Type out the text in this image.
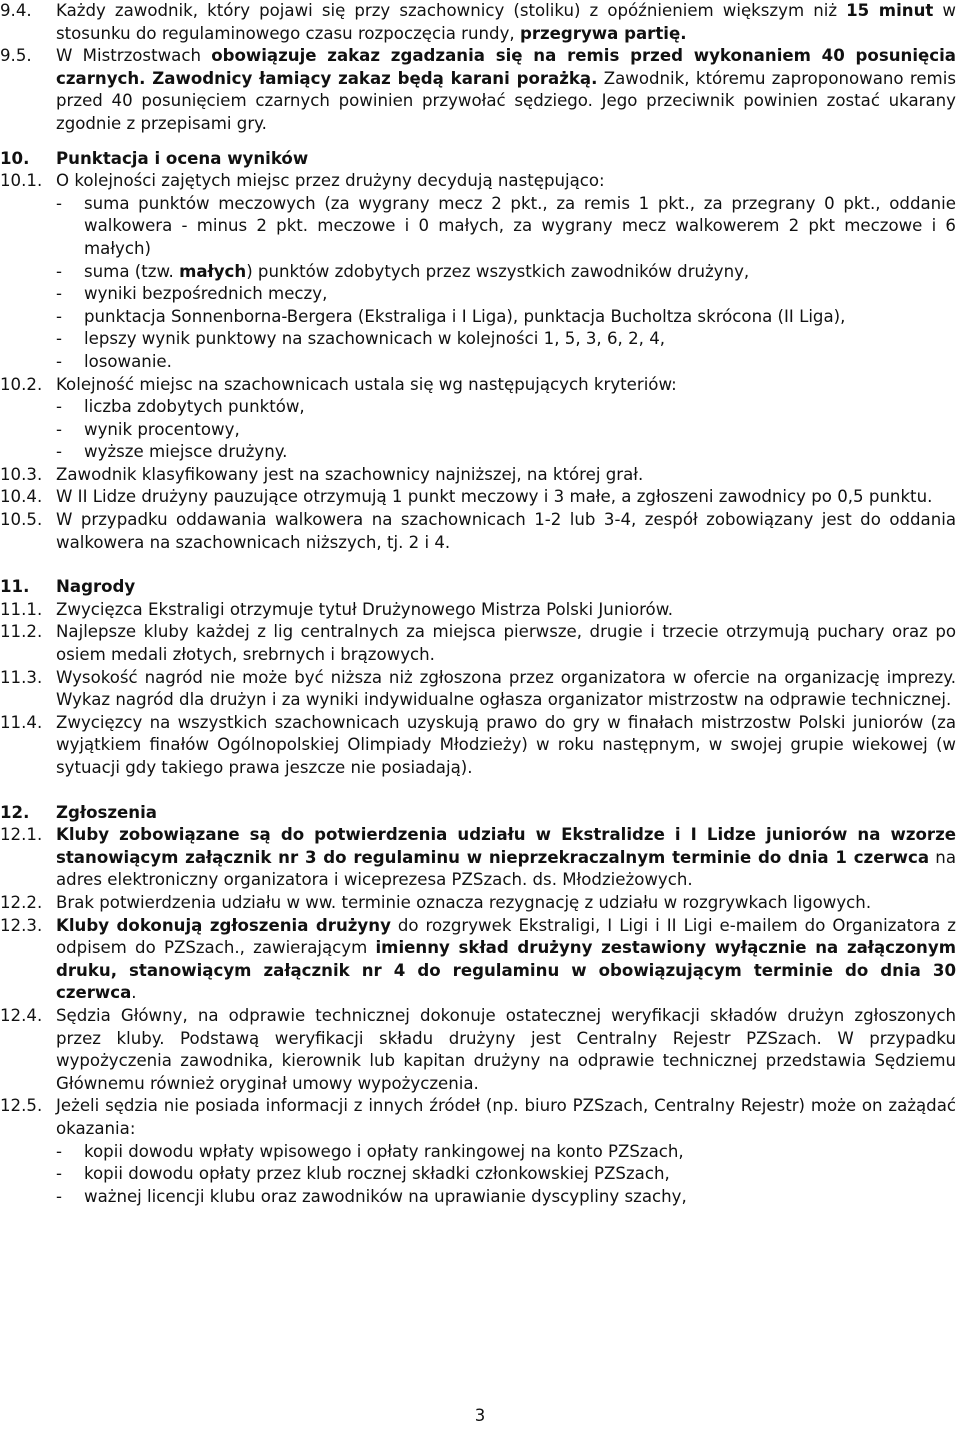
9.4.	Każdy zawodnik, który pojawi się przy szachownicy (stoliku) z opóźnieniem większym niż 15 minut w stosunku do regulaminowego czasu rozpoczęcia rundy, przegrywa partię.
9.5.	W Mistrzostwach obowiązuje zakaz zgadzania się na remis przed wykonaniem 40 posunięcia czarnych. Zawodnicy łamiący zakaz będą karani porażką. Zawodnik, któremu zaproponowano remis przed 40 posunięciem czarnych powinien przywołać sędziego. Jego przeciwnik powinien zostać ukarany zgodnie z przepisami gry.
10.	Punktacja i ocena wyników
10.1. O kolejności zajętych miejsc przez drużyny decydują następująco:
-	suma punktów meczowych (za wygrany mecz 2 pkt., za remis 1 pkt., za przegrany 0 pkt., oddanie walkowera - minus 2 pkt. meczowe i 0 małych, za wygrany mecz walkowerem 2 pkt meczowe i 6 małych)
-	suma (tzw. małych) punktów zdobytych przez wszystkich zawodników drużyny,
-	wyniki bezpośrednich meczy,
-	punktacja Sonnenborna-Bergera (Ekstraliga i I Liga), punktacja Bucholtza skrócona (II Liga),
-	lepszy wynik punktowy na szachownicach w kolejności 1, 5, 3, 6, 2, 4,
-	losowanie.
10.2. Kolejność miejsc na szachownicach ustala się wg następujących kryteriów:
-	liczba zdobytych punktów,
-	wynik procentowy,
-	wyższe miejsce drużyny.
10.3. Zawodnik klasyfikowany jest na szachownicy najniższej, na której grał.
10.4. W II Lidze drużyny pauzujące otrzymują 1 punkt meczowy i 3 małe, a zgłoszeni zawodnicy po 0,5 punktu.
10.5. W przypadku oddawania walkowera na szachownicach 1-2 lub 3-4, zespół zobowiązany jest do oddania walkowera na szachownicach niższych, tj. 2 i 4.
11.	Nagrody
11.1. Zwycięzca Ekstraligi otrzymuje tytuł Drużynowego Mistrza Polski Juniorów.
11.2. Najlepsze kluby każdej z lig centralnych za miejsca pierwsze, drugie i trzecie otrzymują puchary oraz po osiem medali złotych, srebrnych i brązowych.
11.3. Wysokość nagród nie może być niższa niż zgłoszona przez organizatora w ofercie na organizację imprezy. Wykaz nagród dla drużyn i za wyniki indywidualne ogłasza organizator mistrzostw na odprawie technicznej.
11.4. Zwycięzcy na wszystkich szachownicach uzyskują prawo do gry w finałach mistrzostw Polski juniorów (za wyjątkiem finałów Ogólnopolskiej Olimpiady Młodzieży) w roku następnym, w swojej grupie wiekowej (w sytuacji gdy takiego prawa jeszcze nie posiadają).
12.	Zgłoszenia
12.1. Kluby zobowiązane są do potwierdzenia udziału w Ekstralidze i I Lidze juniorów na wzorze stanowiącym załącznik nr 3 do regulaminu w nieprzekraczalnym terminie do dnia 1 czerwca na adres elektroniczny organizatora i wiceprezesa PZSzach. ds. Młodzieżowych.
12.2. Brak potwierdzenia udziału w ww. terminie oznacza rezygnację z udziału w rozgrywkach ligowych.
12.3. Kluby dokonują zgłoszenia drużyny do rozgrywek Ekstraligi, I Ligi i II Ligi e-mailem do Organizatora z odpisem do PZSzach., zawierającym imienny skład drużyny zestawiony wyłącznie na załączonym druku, stanowiącym załącznik nr 4 do regulaminu w obowiązującym terminie do dnia 30 czerwca.
12.4. Sędzia Główny, na odprawie technicznej dokonuje ostatecznej weryfikacji składów drużyn zgłoszonych przez kluby. Podstawą weryfikacji składu drużyny jest Centralny Rejestr PZSzach. W przypadku wypożyczenia zawodnika, kierownik lub kapitan drużyny na odprawie technicznej przedstawia Sędziemu Głównemu również oryginał umowy wypożyczenia.
12.5. Jeżeli sędzia nie posiada informacji z innych źródeł (np. biuro PZSzach, Centralny Rejestr) może on zażądać okazania:
-	kopii dowodu wpłaty wpisowego i opłaty rankingowej na konto PZSzach,
-	kopii dowodu opłaty przez klub rocznej składki członkowskiej PZSzach,
-	ważnej licencji klubu oraz zawodników na uprawianie dyscypliny szachy,
3
